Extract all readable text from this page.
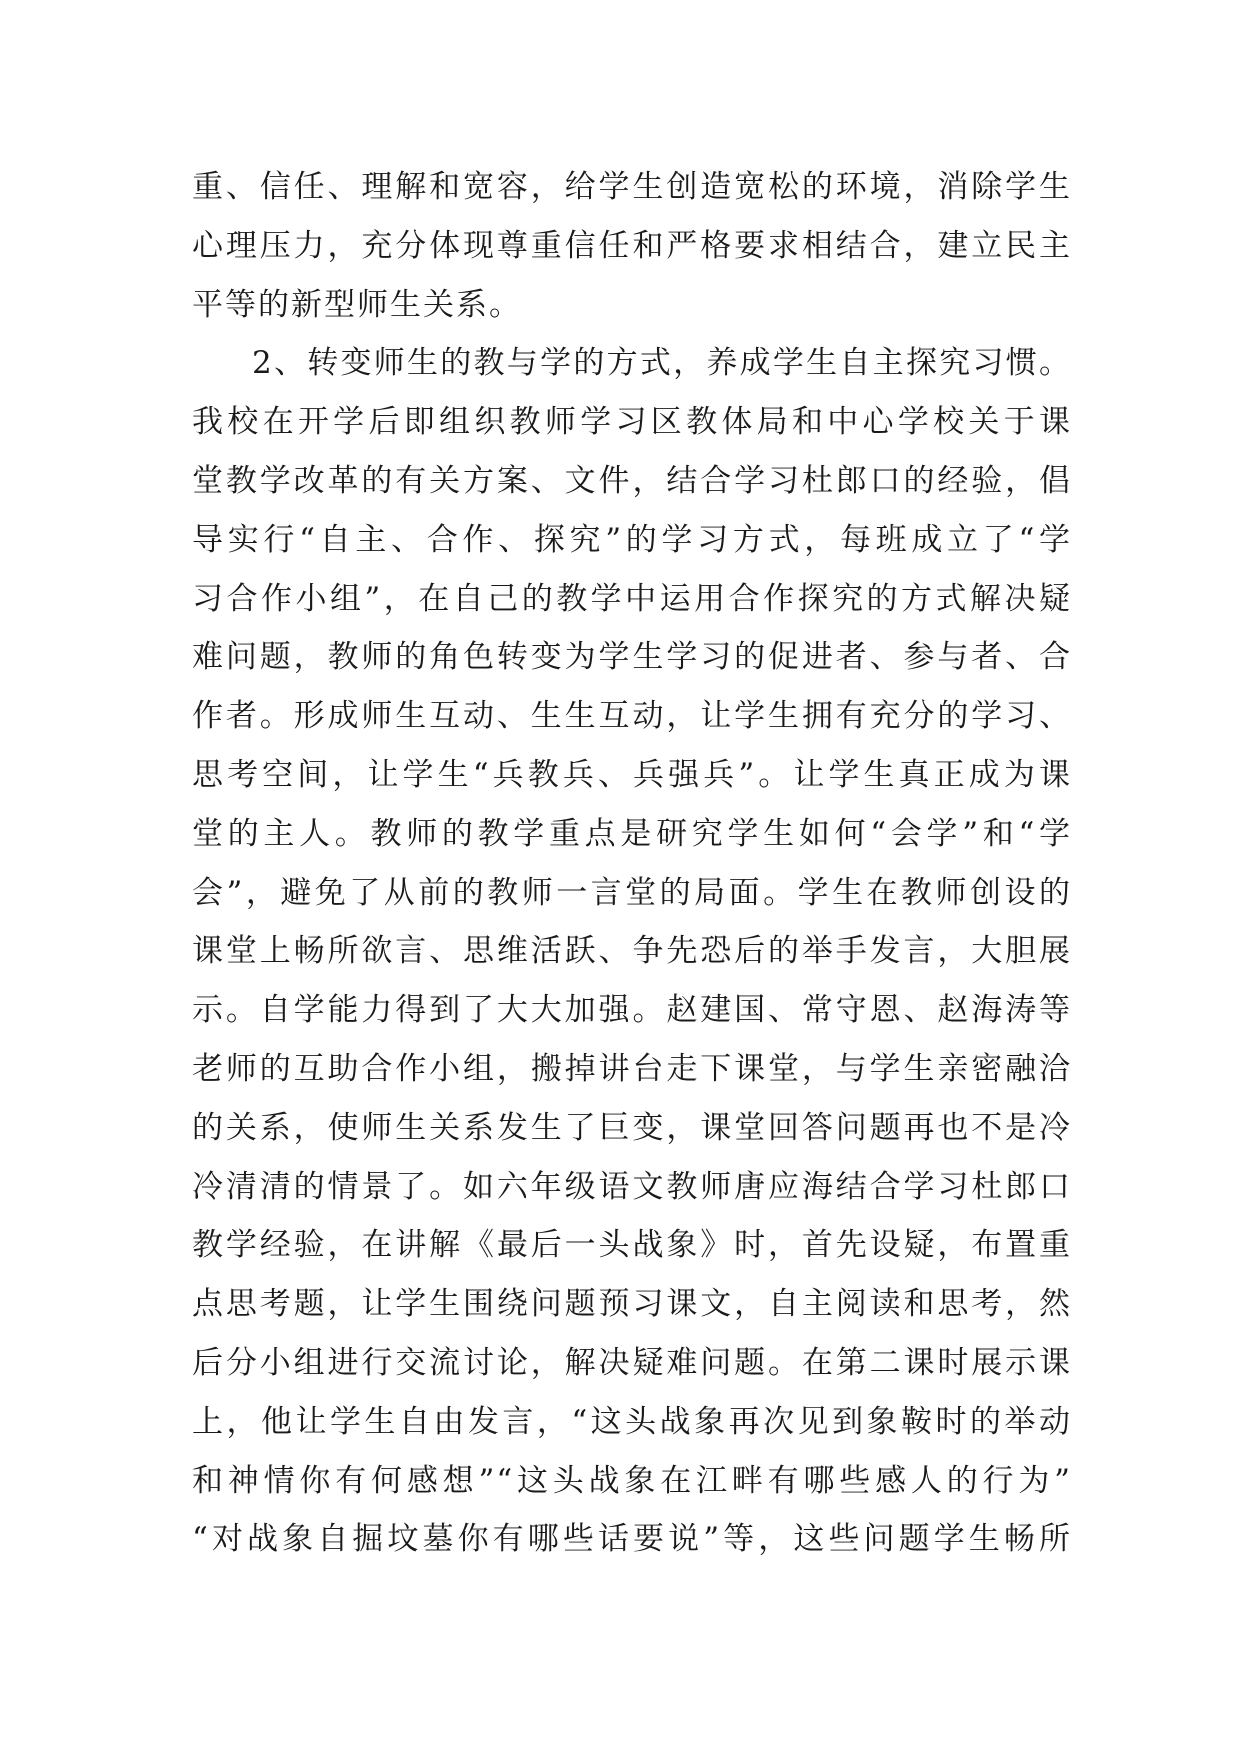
重、信任、理解和宽容，给学生创造宽松的环境，消除学生
心理压力，充分体现尊重信任和严格要求相结合，建立民主
平等的新型师生关系。
2、转变师生的教与学的方式，养成学生自主探究习惯。
我校在开学后即组织教师学习区教体局和中心学校关于课
堂教学改革的有关方案、文件，结合学习杜郎口的经验，倡
导实行“自主、合作、探究”的学习方式，每班成立了“学
习合作小组”，在自己的教学中运用合作探究的方式解决疑
难问题，教师的角色转变为学生学习的促进者、参与者、合
作者。形成师生互动、生生互动，让学生拥有充分的学习、
思考空间，让学生“兵教兵、兵强兵”。让学生真正成为课
堂的主人。教师的教学重点是研究学生如何“会学”和“学
会”，避免了从前的教师一言堂的局面。学生在教师创设的
课堂上畅所欲言、思维活跃、争先恐后的举手发言，大胆展
示。自学能力得到了大大加强。赵建国、常守恩、赵海涛等
老师的互助合作小组，搬掉讲台走下课堂，与学生亲密融洽
的关系，使师生关系发生了巨变，课堂回答问题再也不是冷
冷清清的情景了。如六年级语文教师唐应海结合学习杜郎口
教学经验，在讲解《最后一头战象》时，首先设疑，布置重
点思考题，让学生围绕问题预习课文，自主阅读和思考，然
后分小组进行交流讨论，解决疑难问题。在第二课时展示课
上，他让学生自由发言，“这头战象再次见到象鞍时的举动
和神情你有何感想”“这头战象在江畔有哪些感人的行为”
“对战象自掘坟墓你有哪些话要说”等，这些问题学生畅所
